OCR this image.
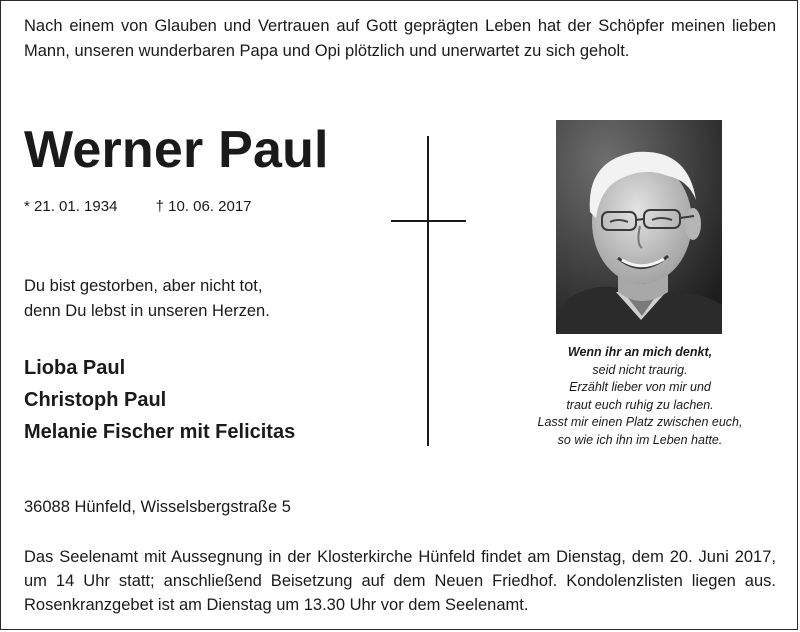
Nach einem von Glauben und Vertrauen auf Gott geprägten Leben hat der Schöpfer meinen lieben Mann, unseren wunderbaren Papa und Opi plötzlich und unerwartet zu sich geholt.
Werner Paul
* 21. 01. 1934	† 10. 06. 2017
Du bist gestorben, aber nicht tot,
denn Du lebst in unseren Herzen.
Lioba Paul
Christoph Paul
Melanie Fischer mit Felicitas
Wenn ihr an mich denkt,
seid nicht traurig.
Erzählt lieber von mir und
traut euch ruhig zu lachen.
Lasst mir einen Platz zwischen euch,
so wie ich ihn im Leben hatte.
36088 Hünfeld, Wisselsbergstraße 5
Das Seelenamt mit Aussegnung in der Klosterkirche Hünfeld findet am Dienstag, dem 20. Juni 2017, um 14 Uhr statt; anschließend Beisetzung auf dem Neuen Friedhof. Kondolenzlisten liegen aus. Rosenkranzgebet ist am Dienstag um 13.30 Uhr vor dem Seelenamt.
